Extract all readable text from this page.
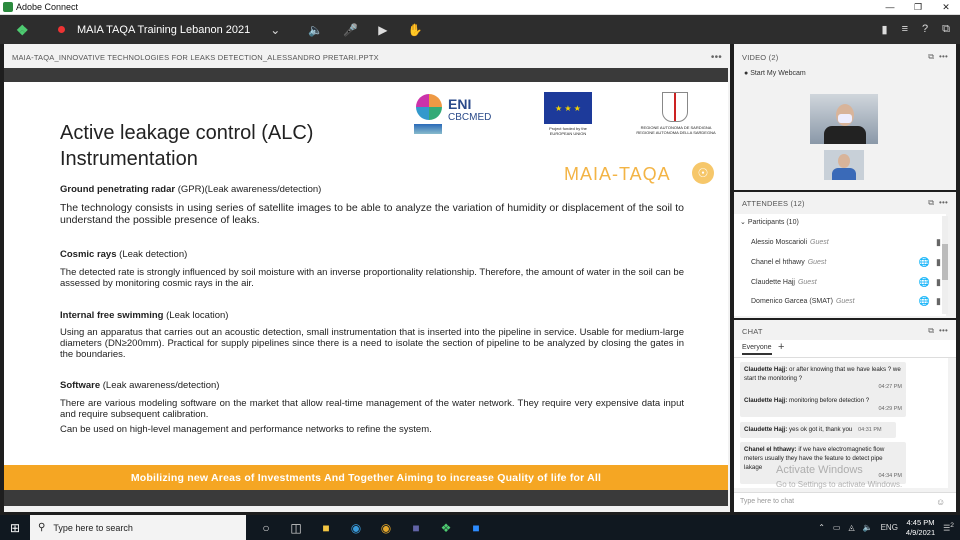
Adobe Connect	—	❐	✕
❖	MAIA TAQA Training Lebanon 2021 ⌄ 🔈 🎤 ▶ ✋	▮ ≡ ? ⧉
MAIA-TAQA_INNOVATIVE TECHNOLOGIES FOR LEAKS DETECTION_ALESSANDRO PRETARI.PPTX	•••
Active leakage control (ALC)
Instrumentation
ENI
CBCMED
★ ★ ★
Project funded by the
EUROPEAN UNION
REGIONE AUTONOMA DE SARDIGNA
REGIONE AUTONOMA DELLA SARDEGNA
MAIA-TAQA	☉
Ground penetrating radar (GPR)(Leak awareness/detection)
The technology consists in using series of satellite images to be able to analyze the variation of humidity or displacement of the soil to understand the possible presence of leaks.
Cosmic rays (Leak detection)
The detected rate is strongly influenced by soil moisture with an inverse proportionality relationship. Therefore, the amount of water in the soil can be assessed by monitoring cosmic rays in the air.
Internal free swimming (Leak location)
Using an apparatus that carries out an acoustic detection, small instrumentation that is inserted into the pipeline in service. Usable for medium-large diameters (DN≥200mm). Practical for supply pipelines since there is a need to isolate the section of pipeline to be analyzed by closing the gates in the boundaries.
Software (Leak awareness/detection)
There are various modeling software on the market that allow real-time management of the water network. They require very expensive data input and require subsequent calibration.
Can be used on high-level management and performance networks to refine the system.
Mobilizing new Areas of Investments And Together Aiming to increase Quality of life for All
VIDEO (2)	⧉  •••
● Start My Webcam
ATTENDEES (12)	⧉  •••
⌄ Participants (10)
Alessio Moscarioli Guest	▮
Chanel el hthawy Guest	🌐 ▮
Claudette Hajj Guest	🌐 ▮
Domenico Garcea (SMAT) Guest	🌐 ▮
CHAT	⧉  •••
Everyone +
Claudette Hajj: or after knowing that we have leaks ? we start the monitoring ?
04:27 PM
Claudette Hajj: monitoring before detection ?
04:29 PM
Claudette Hajj: yes ok got it, thank you 04:31 PM
Chanel el hthawy: if we have electromagnetic flow meters usually they have the feature to detect pipe lakage
04:34 PM
Activate Windows
Go to Settings to activate Windows.
Type here to chat	☺
⊞	⚲ Type here to search	○	◫	■	◉ ◉	■	❖	■	⌃ ▭ ◬ 🔈 ENG
4:45 PM
4/9/2021 ☰$^2$
